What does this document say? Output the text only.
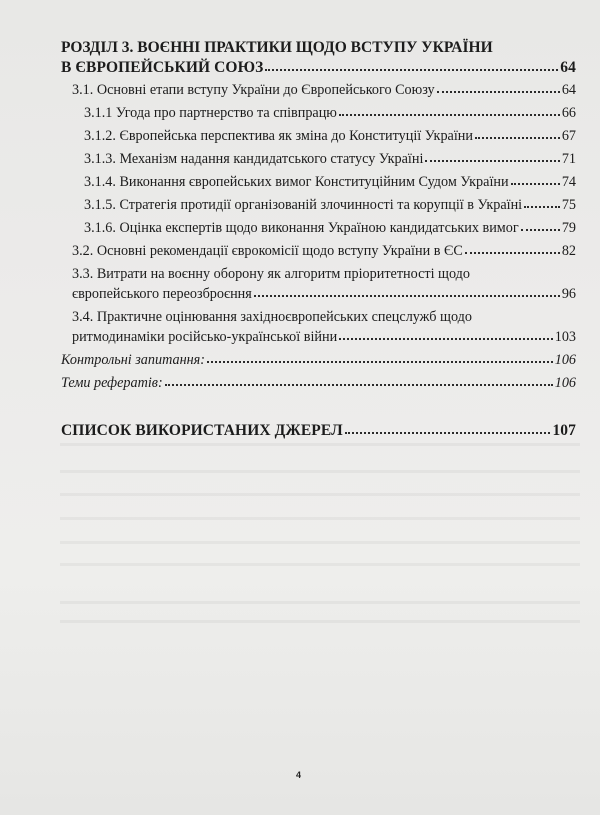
РОЗДІЛ 3. ВОЄННІ ПРАКТИКИ ЩОДО ВСТУПУ УКРАЇНИ
В ЄВРОПЕЙСЬКИЙ СОЮЗ	64
3.1. Основні етапи вступу України до Європейського Союзу	64
3.1.1 Угода про партнерство та співпрацю	66
3.1.2. Європейська перспектива як зміна до Конституції України	67
3.1.3. Механізм надання кандидатського статусу Україні	71
3.1.4. Виконання європейських вимог Конституційним Судом України	74
3.1.5. Стратегія протидії організованій злочинності та корупції в Україні	75
3.1.6. Оцінка експертів щодо виконання Україною кандидатських вимог	79
3.2. Основні рекомендації єврокомісії щодо вступу України в ЄС	82
3.3. Витрати на воєнну оборону як алгоритм пріоритетності щодо
європейського переозброєння	96
3.4. Практичне оцінювання західноєвропейських спецслужб щодо
ритмодинаміки російсько-української війни	103
Контрольні запитання:	106
Теми рефератів:	106
СПИСОК ВИКОРИСТАНИХ ДЖЕРЕЛ	107
4
